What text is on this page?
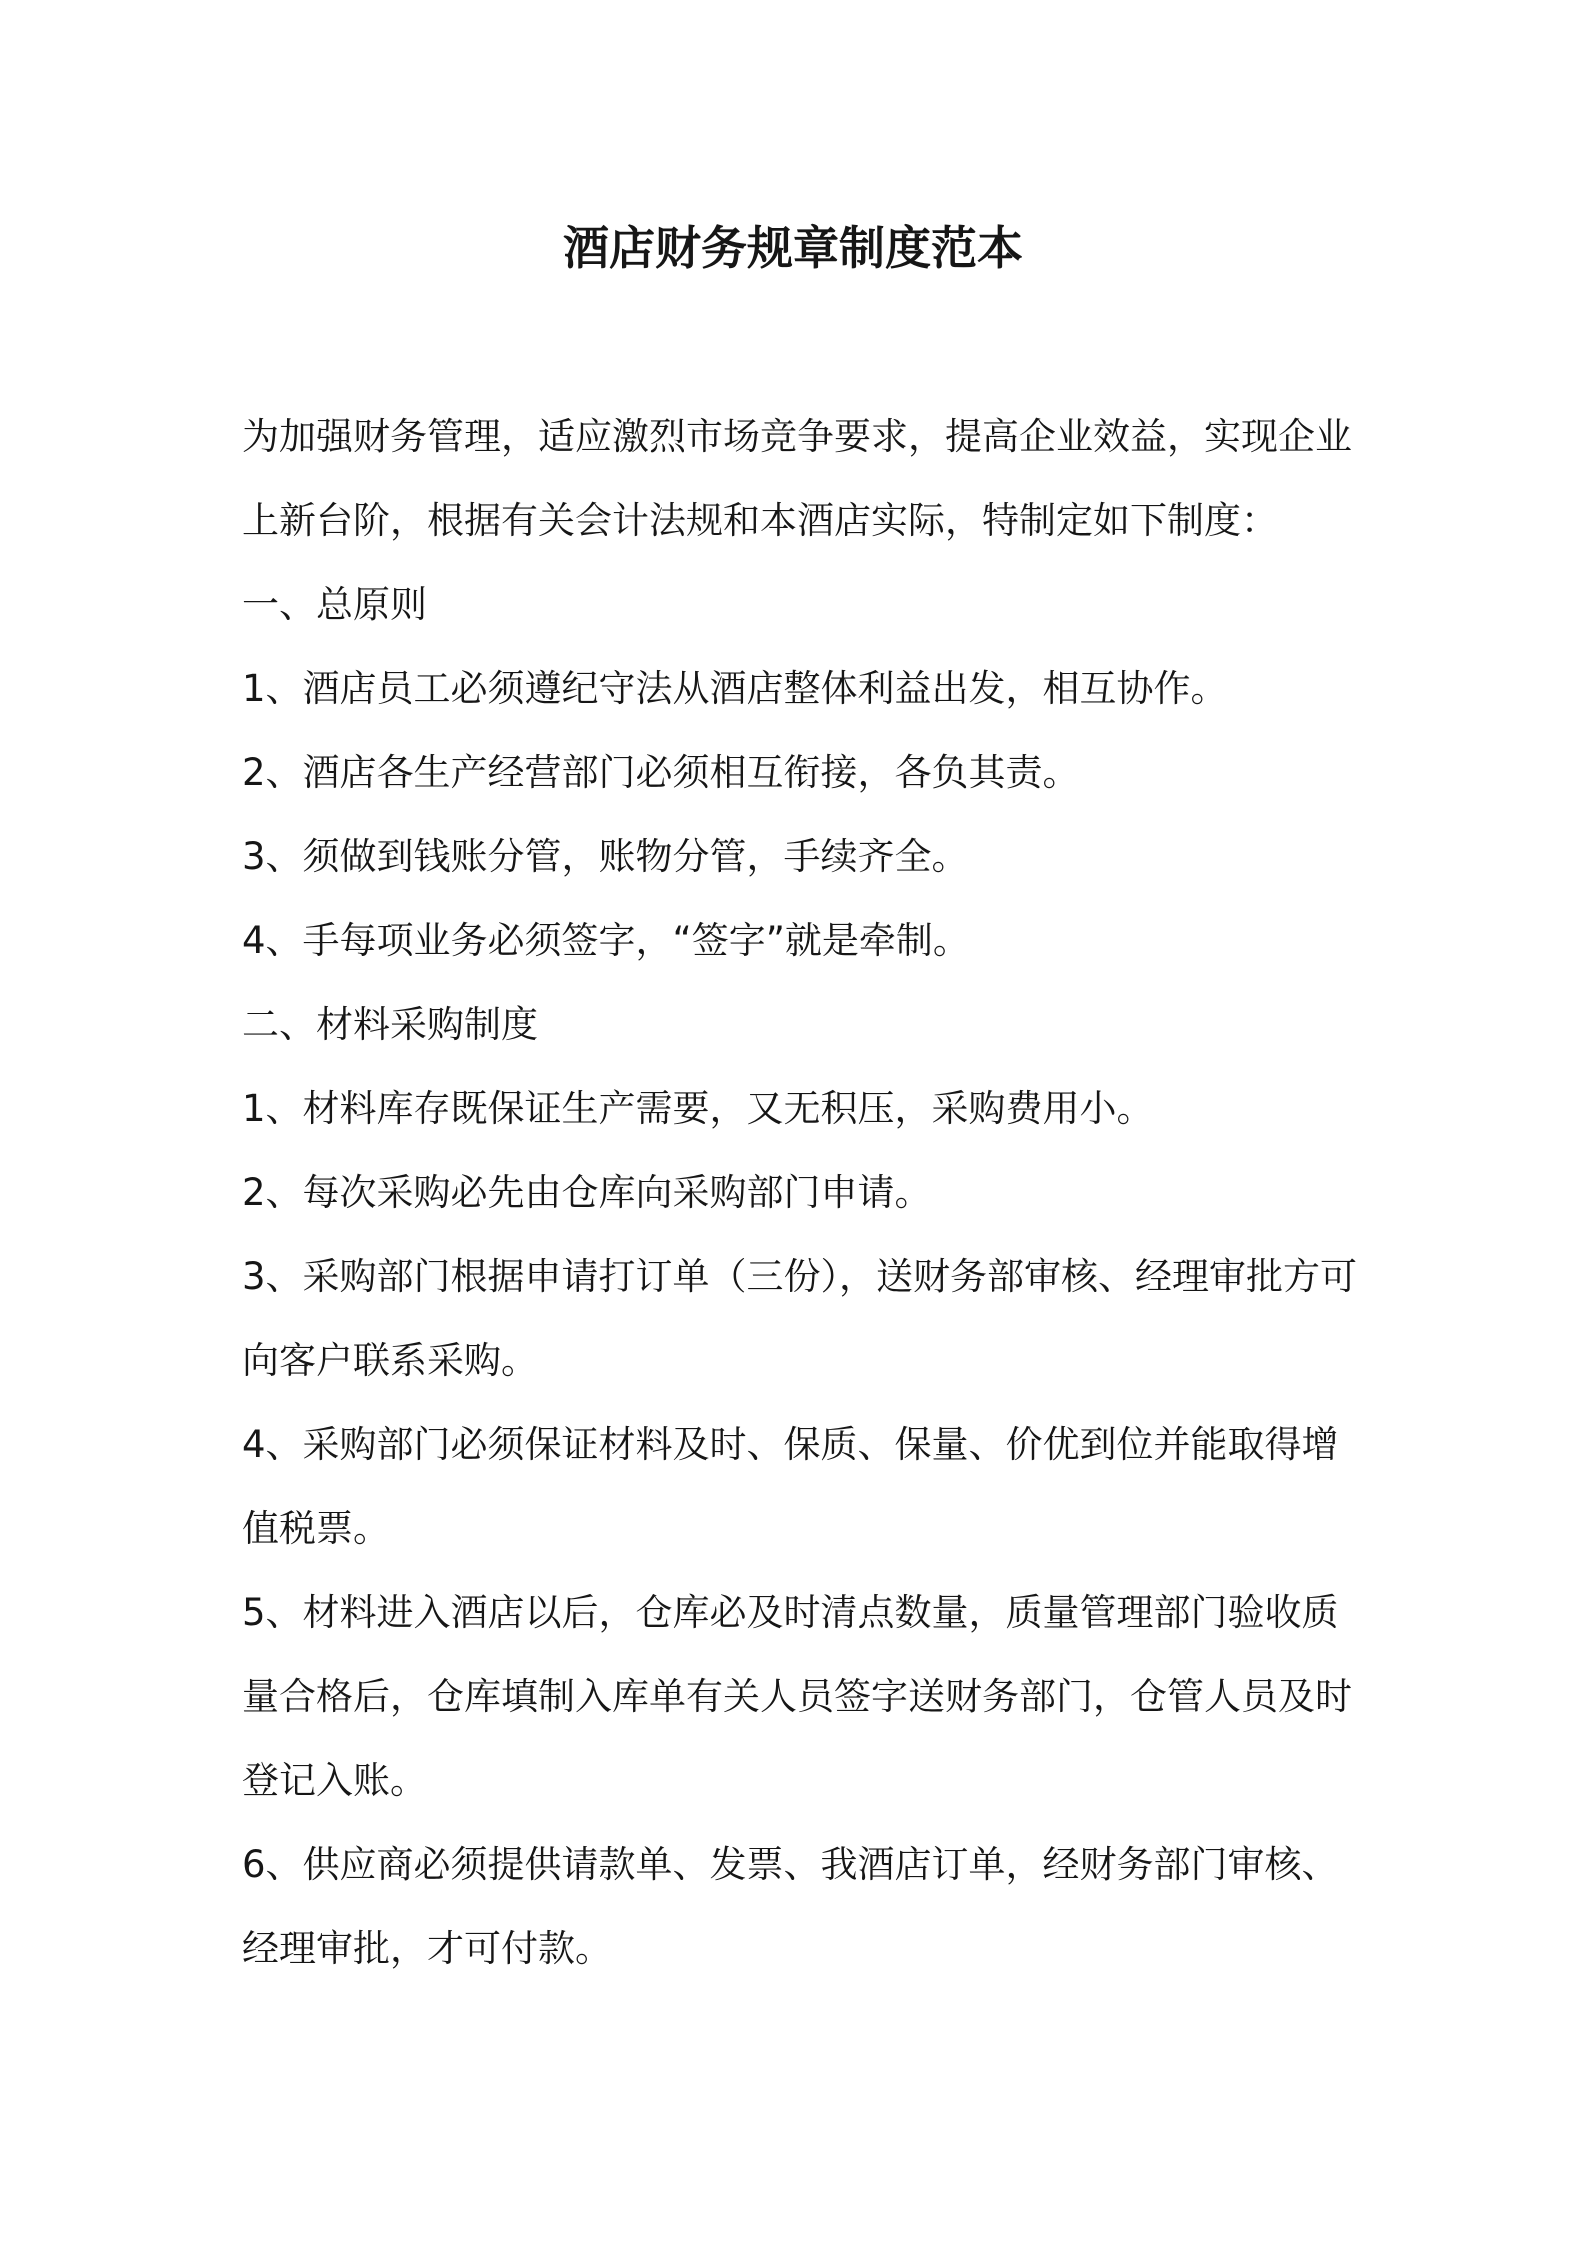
酒店财务规章制度范本
为加强财务管理，适应激烈市场竞争要求，提高企业效益，实现企业
上新台阶，根据有关会计法规和本酒店实际，特制定如下制度：
一、总原则
1、酒店员工必须遵纪守法从酒店整体利益出发，相互协作。
2、酒店各生产经营部门必须相互衔接，各负其责。
3、须做到钱账分管，账物分管，手续齐全。
4、手每项业务必须签字，“签字”就是牵制。
二、材料采购制度
1、材料库存既保证生产需要，又无积压，采购费用小。
2、每次采购必先由仓库向采购部门申请。
3、采购部门根据申请打订单（三份），送财务部审核、经理审批方可
向客户联系采购。
4、采购部门必须保证材料及时、保质、保量、价优到位并能取得增
值税票。
5、材料进入酒店以后，仓库必及时清点数量，质量管理部门验收质
量合格后，仓库填制入库单有关人员签字送财务部门，仓管人员及时
登记入账。
6、供应商必须提供请款单、发票、我酒店订单，经财务部门审核、
经理审批，才可付款。
